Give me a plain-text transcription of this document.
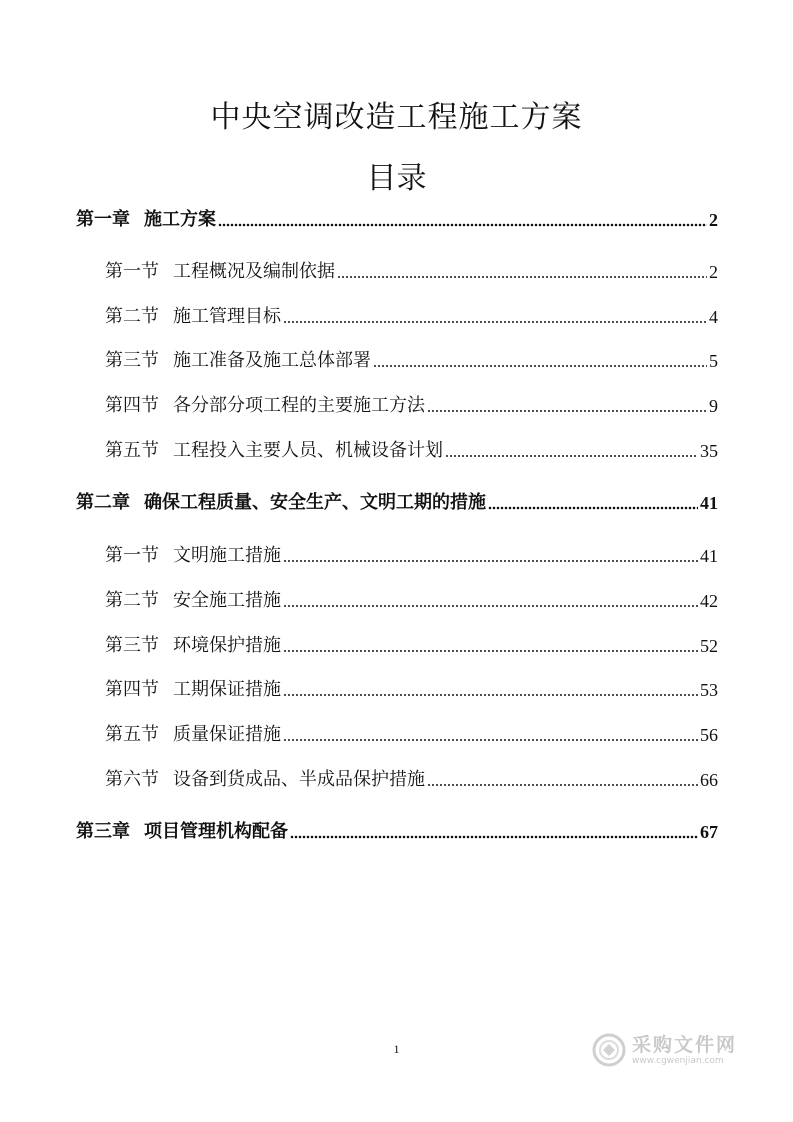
中央空调改造工程施工方案
目录
第一章 施工方案	2
第一节 工程概况及编制依据	2
第二节 施工管理目标	4
第三节 施工准备及施工总体部署	5
第四节 各分部分项工程的主要施工方法	9
第五节 工程投入主要人员、机械设备计划	35
第二章 确保工程质量、安全生产、文明工期的措施	41
第一节 文明施工措施	41
第二节 安全施工措施	42
第三节 环境保护措施	52
第四节 工期保证措施	53
第五节 质量保证措施	56
第六节 设备到货成品、半成品保护措施	66
第三章 项目管理机构配备	67
1	采购文件网
www.cgwenjian.com
